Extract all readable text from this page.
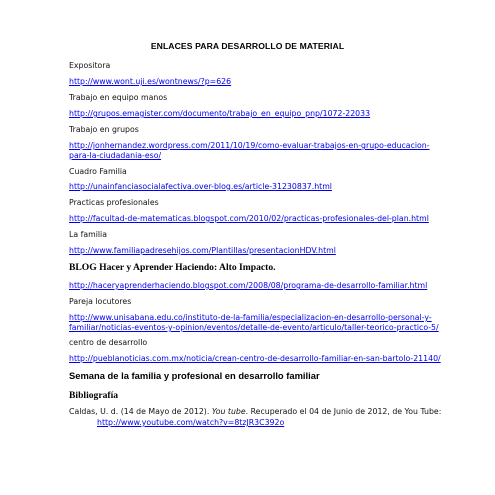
ENLACES PARA DESARROLLO DE MATERIAL
Expositora
http://www.wont.uji.es/wontnews/?p=626
Trabajo en equipo manos
http://grupos.emagister.com/documento/trabajo_en_equipo_pnp/1072-22033
Trabajo en grupos
http://jonhernandez.wordpress.com/2011/10/19/como-evaluar-trabajos-en-grupo-educacion-
para-la-ciudadania-eso/
Cuadro Familia
http://unainfanciasocialafectiva.over-blog.es/article-31230837.html
Practicas profesionales
http://facultad-de-matematicas.blogspot.com/2010/02/practicas-profesionales-del-plan.html
La familia
http://www.familiapadresehijos.com/Plantillas/presentacionHDV.html
BLOG Hacer y Aprender Haciendo: Alto Impacto.
http://haceryaprenderhaciendo.blogspot.com/2008/08/programa-de-desarrollo-familiar.html
Pareja locutores
http://www.unisabana.edu.co/instituto-de-la-familia/especializacion-en-desarrollo-personal-y-
familiar/noticias-eventos-y-opinion/eventos/detalle-de-evento/articulo/taller-teorico-practico-5/
centro de desarrollo
http://pueblanoticias.com.mx/noticia/crean-centro-de-desarrollo-familiar-en-san-bartolo-21140/
Semana de la familia y profesional en desarrollo familiar
Bibliografía
Caldas, U. d. (14 de Mayo de 2012). You tube. Recuperado el 04 de Junio de 2012, de You Tube:
http://www.youtube.com/watch?v=8tzJR3C392o
